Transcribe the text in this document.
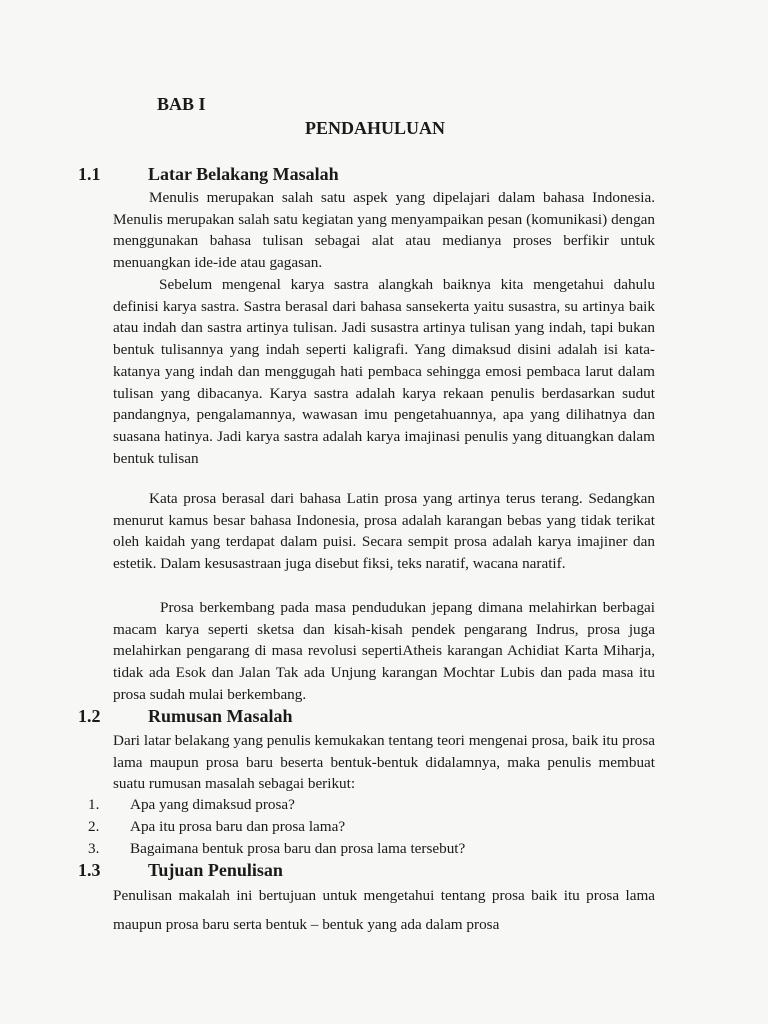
BAB I
PENDAHULUAN
1.1	Latar Belakang Masalah

Menulis merupakan salah satu aspek yang dipelajari dalam bahasa Indonesia. Menulis merupakan salah satu kegiatan yang menyampaikan pesan (komunikasi) dengan menggunakan bahasa tulisan sebagai alat atau medianya proses berfikir untuk menuangkan ide-ide atau gagasan.

Sebelum mengenal karya sastra alangkah baiknya kita mengetahui dahulu definisi karya sastra. Sastra berasal dari bahasa sansekerta yaitu susastra, su artinya baik atau indah dan sastra artinya tulisan. Jadi susastra artinya tulisan yang indah, tapi bukan bentuk tulisannya yang indah seperti kaligrafi. Yang dimaksud disini adalah isi kata-katanya yang indah dan menggugah hati pembaca sehingga emosi pembaca larut dalam tulisan yang dibacanya. Karya sastra adalah karya rekaan penulis berdasarkan sudut pandangnya, pengalamannya, wawasan imu pengetahuannya, apa yang dilihatnya dan suasana hatinya. Jadi karya sastra adalah karya imajinasi penulis yang dituangkan dalam bentuk tulisan

Kata prosa berasal dari bahasa Latin prosa yang artinya terus terang. Sedangkan menurut kamus besar bahasa Indonesia, prosa adalah karangan bebas yang tidak terikat oleh kaidah yang terdapat dalam puisi. Secara sempit prosa adalah karya imajiner dan estetik. Dalam kesusastraan juga disebut fiksi, teks naratif, wacana naratif.

Prosa berkembang pada masa pendudukan jepang dimana melahirkan berbagai macam karya seperti sketsa dan kisah-kisah pendek pengarang Indrus, prosa juga melahirkan pengarang di masa revolusi sepertiAtheis karangan Achidiat Karta Miharja, tidak ada Esok dan Jalan Tak ada Unjung karangan Mochtar Lubis dan pada masa itu prosa sudah mulai berkembang.

1.2	Rumusan Masalah

Dari latar belakang yang penulis kemukakan tentang teori mengenai prosa, baik itu prosa lama maupun prosa baru beserta bentuk-bentuk didalamnya, maka penulis membuat suatu rumusan masalah sebagai berikut:

1. Apa yang dimaksud prosa?
2. Apa itu prosa baru dan prosa lama?
3. Bagaimana bentuk prosa baru dan prosa lama tersebut?
1.3	Tujuan Penulisan

Penulisan makalah ini bertujuan untuk mengetahui tentang prosa baik itu prosa lama maupun prosa baru serta bentuk – bentuk yang ada dalam prosa
